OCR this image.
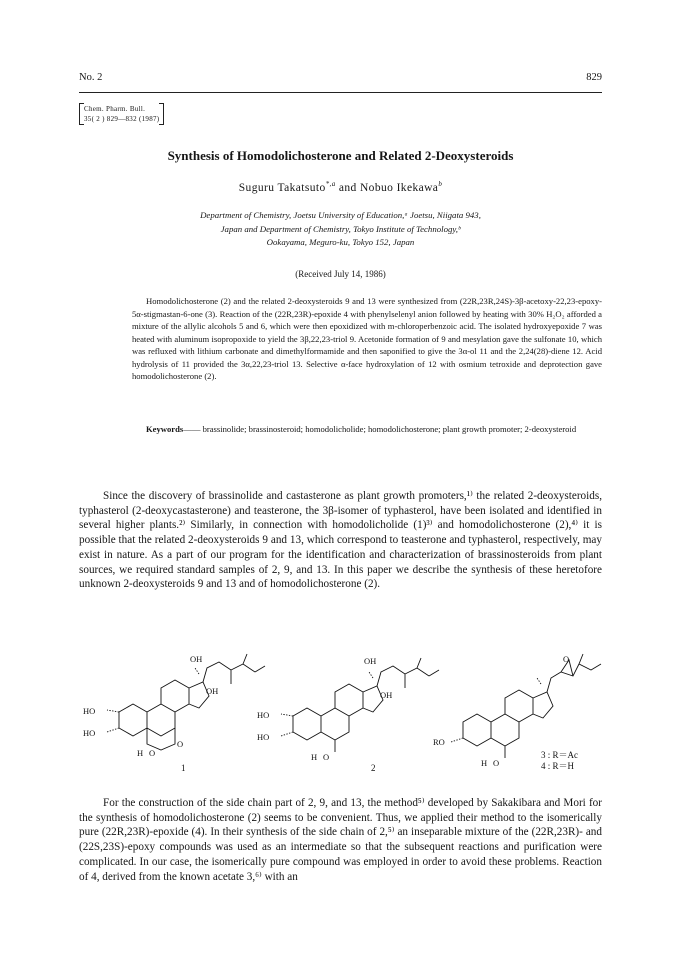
No. 2	829
Chem. Pharm. Bull.
35( 2 ) 829—832 (1987)
Synthesis of Homodolichosterone and Related 2-Deoxysteroids
Suguru Takatsuto$^{*,a}$ and Nobuo Ikekawa$^b$
Department of Chemistry, Joetsu University of Education,ᵃ Joetsu, Niigata 943,
Japan and Department of Chemistry, Tokyo Institute of Technology,ᵇ
Ookayama, Meguro-ku, Tokyo 152, Japan
(Received July 14, 1986)

Homodolichosterone (2) and the related 2-deoxysteroids 9 and 13 were synthesized from (22R,23R,24S)-3β-acetoxy-22,23-epoxy-5α-stigmastan-6-one (3). Reaction of the (22R,23R)-epoxide 4 with phenylselenyl anion followed by heating with 30% H₂O₂ afforded a mixture of the allylic alcohols 5 and 6, which were then epoxidized with m-chloroperbenzoic acid. The isolated hydroxyepoxide 7 was heated with aluminum isopropoxide to yield the 3β,22,23-triol 9. Acetonide formation of 9 and mesylation gave the sulfonate 10, which was refluxed with lithium carbonate and dimethylformamide and then saponified to give the 3α-ol 11 and the 2,24(28)-diene 12. Acid hydrolysis of 11 provided the 3α,22,23-triol 13. Selective α-face hydroxylation of 12 with osmium tetroxide and deprotection gave homodolichosterone (2).

Keywords—— brassinolide; brassinosteroid; homodolicholide; homodolichosterone; plant growth promoter; 2-deoxysteroid

Since the discovery of brassinolide and castasterone as plant growth promoters,¹⁾ the related 2-deoxysteroids, typhasterol (2-deoxycastasterone) and teasterone, the 3β-isomer of typhasterol, have been isolated and identified in several higher plants.²⁾ Similarly, in connection with homodolicholide (1)³⁾ and homodolichosterone (2),⁴⁾ it is possible that the related 2-deoxysteroids 9 and 13, which correspond to teasterone and typhasterol, respectively, may exist in nature. As a part of our program for the identification and characterization of brassinosteroids from plant sources, we required standard samples of 2, 9, and 13. In this paper we describe the synthesis of these heretofore unknown 2-deoxysteroids 9 and 13 and of homodolichosterone (2).

OH
OH
HO
HO
O
H O
1
OH
OH
HO
HO
H O
2
O
RO
H O
3 : R＝Ac
4 : R＝H

For the construction of the side chain part of 2, 9, and 13, the method⁵⁾ developed by Sakakibara and Mori for the synthesis of homodolichosterone (2) seems to be convenient. Thus, we applied their method to the isomerically pure (22R,23R)-epoxide (4). In their synthesis of the side chain of 2,⁵⁾ an inseparable mixture of the (22R,23R)- and (22S,23S)-epoxy compounds was used as an intermediate so that the subsequent reactions and purification were complicated. In our case, the isomerically pure compound was employed in order to avoid these problems. Reaction of 4, derived from the known acetate 3,⁶⁾ with an
